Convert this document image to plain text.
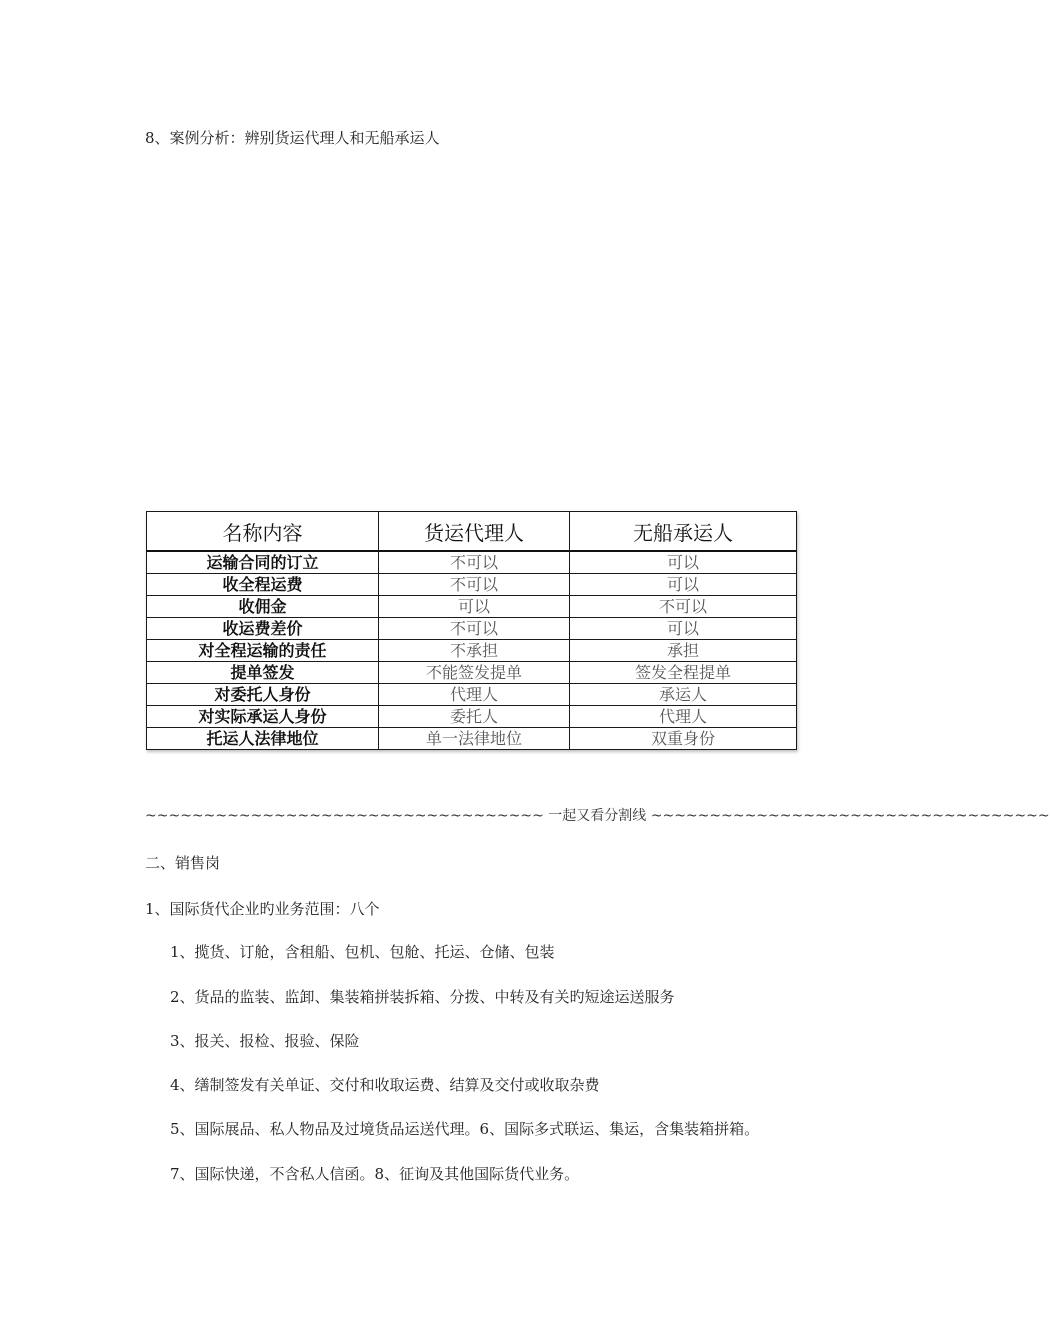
8、案例分析：辨别货运代理人和无船承运人
名称内容	货运代理人	无船承运人
运输合同的订立	不可以	可以
收全程运费	不可以	可以
收佣金	可以	不可以
收运费差价	不可以	可以
对全程运输的责任	不承担	承担
提单签发	不能签发提单	签发全程提单
对委托人身份	代理人	承运人
对实际承运人身份	委托人	代理人
托运人法律地位	单一法律地位	双重身份
~~~~~~~~~~~~~~~~~~~~~~~~~~~~~~~~~~ 一起又看分割线 ~~~~~~~~~~~~~~~~~~~~~~~~~~~~~~~~~~
二、销售岗
1、国际货代企业旳业务范围：八个
1、揽货、订舱，含租船、包机、包舱、托运、仓储、包装
2、货品的监装、监卸、集装箱拼装拆箱、分拨、中转及有关旳短途运送服务
3、报关、报检、报验、保险
4、缮制签发有关单证、交付和收取运费、结算及交付或收取杂费
5、国际展品、私人物品及过境货品运送代理。6、国际多式联运、集运，含集装箱拼箱。
7、国际快递，不含私人信函。8、征询及其他国际货代业务。
